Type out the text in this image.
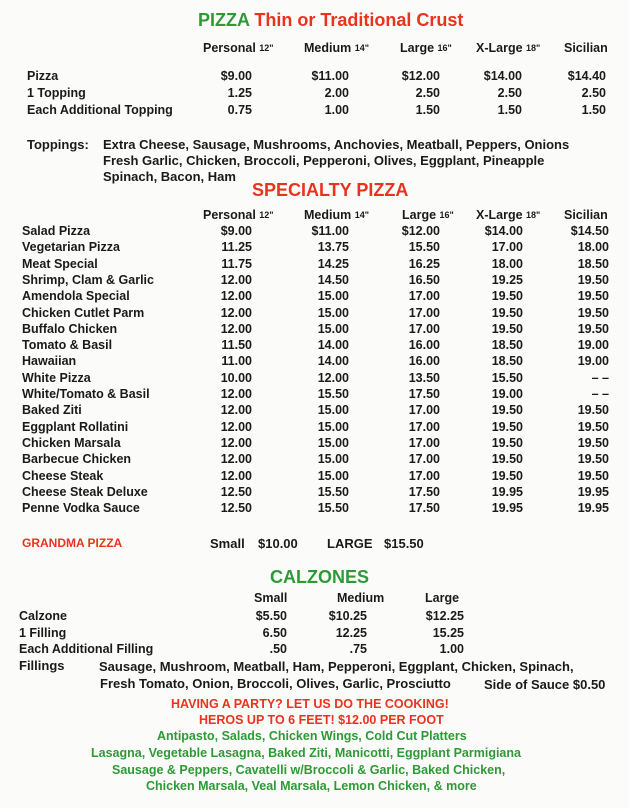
PIZZA Thin or Traditional Crust
Personal 12" Medium 14" Large 16" X-Large 18" Sicilian
Pizza	$9.00	$11.00	$12.00	$14.00	$14.40
1 Topping	1.25	2.00	2.50	2.50	2.50
Each Additional Topping	0.75	1.00	1.50	1.50	1.50
Toppings: Extra Cheese, Sausage, Mushrooms, Anchovies, Meatball, Peppers, Onions
Fresh Garlic, Chicken, Broccoli, Pepperoni, Olives, Eggplant, Pineapple
Spinach, Bacon, Ham
SPECIALTY PIZZA
Personal 12" Medium 14"	Large 16" X-Large 18" Sicilian
Salad Pizza	$9.00	$11.00	$12.00	$14.00	$14.50
Vegetarian Pizza	11.25	13.75	15.50	17.00	18.00
Meat Special	11.75	14.25	16.25	18.00	18.50
Shrimp, Clam & Garlic	12.00	14.50	16.50	19.25	19.50
Amendola Special	12.00	15.00	17.00	19.50	19.50
Chicken Cutlet Parm	12.00	15.00	17.00	19.50	19.50
Buffalo Chicken	12.00	15.00	17.00	19.50	19.50
Tomato & Basil	11.50	14.00	16.00	18.50	19.00
Hawaiian	11.00	14.00	16.00	18.50	19.00
White Pizza	10.00	12.00	13.50	15.50	– –
White/Tomato & Basil	12.00	15.50	17.50	19.00	– –
Baked Ziti	12.00	15.00	17.00	19.50	19.50
Eggplant Rollatini	12.00	15.00	17.00	19.50	19.50
Chicken Marsala	12.00	15.00	17.00	19.50	19.50
Barbecue Chicken	12.00	15.00	17.00	19.50	19.50
Cheese Steak	12.00	15.00	17.00	19.50	19.50
Cheese Steak Deluxe	12.50	15.50	17.50	19.95	19.95
Penne Vodka Sauce	12.50	15.50	17.50	19.95	19.95
GRANDMA PIZZA	Small $10.00 LARGE $15.50
CALZONES
Small	Medium	Large
Calzone	$5.50	$10.25	$12.25
1 Filling	6.50	12.25	15.25
Each Additional Filling	.50	.75	1.00
Fillings	Sausage, Mushroom, Meatball, Ham, Pepperoni, Eggplant, Chicken, Spinach,
Fresh Tomato, Onion, Broccoli, Olives, Garlic, Prosciutto	Side of Sauce $0.50
HAVING A PARTY? LET US DO THE COOKING!
HEROS UP TO 6 FEET! $12.00 PER FOOT
Antipasto, Salads, Chicken Wings, Cold Cut Platters
Lasagna, Vegetable Lasagna, Baked Ziti, Manicotti, Eggplant Parmigiana
Sausage & Peppers, Cavatelli w/Broccoli & Garlic, Baked Chicken,
Chicken Marsala, Veal Marsala, Lemon Chicken, & more
